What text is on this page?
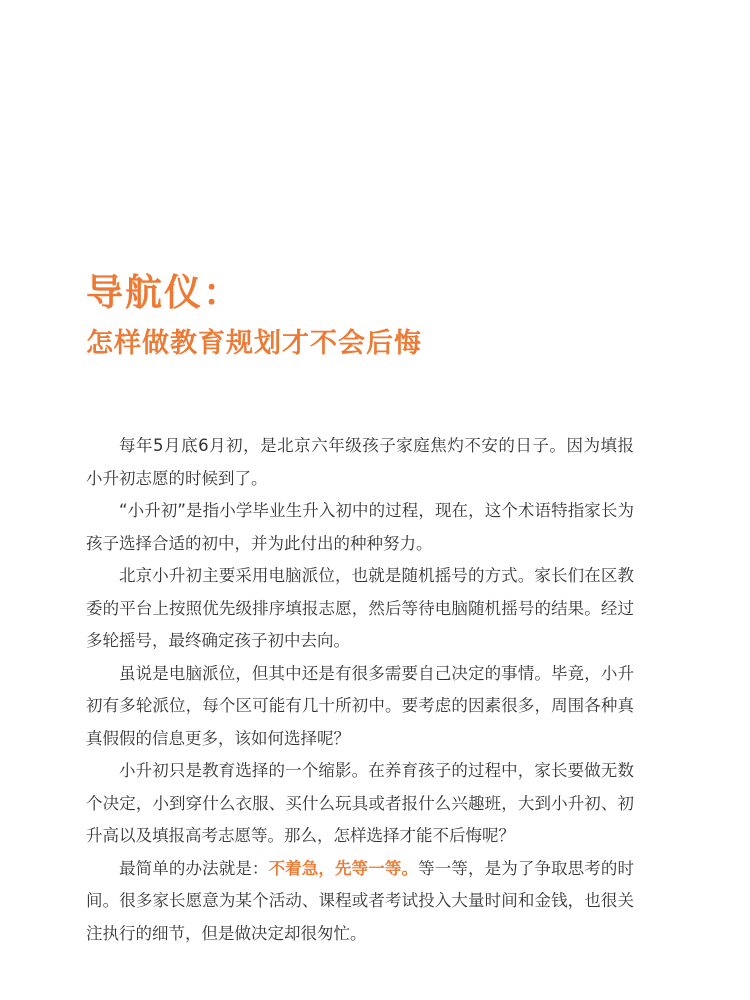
导航仪：
怎样做教育规划才不会后悔

每年5月底6月初，是北京六年级孩子家庭焦灼不安的日子。因为填报小升初志愿的时候到了。

“小升初”是指小学毕业生升入初中的过程，现在，这个术语特指家长为孩子选择合适的初中，并为此付出的种种努力。

北京小升初主要采用电脑派位，也就是随机摇号的方式。家长们在区教委的平台上按照优先级排序填报志愿，然后等待电脑随机摇号的结果。经过多轮摇号，最终确定孩子初中去向。

虽说是电脑派位，但其中还是有很多需要自己决定的事情。毕竟，小升初有多轮派位，每个区可能有几十所初中。要考虑的因素很多，周围各种真真假假的信息更多，该如何选择呢？

小升初只是教育选择的一个缩影。在养育孩子的过程中，家长要做无数个决定，小到穿什么衣服、买什么玩具或者报什么兴趣班，大到小升初、初升高以及填报高考志愿等。那么，怎样选择才能不后悔呢？

最简单的办法就是：不着急，先等一等。等一等，是为了争取思考的时间。很多家长愿意为某个活动、课程或者考试投入大量时间和金钱，也很关注执行的细节，但是做决定却很匆忙。
